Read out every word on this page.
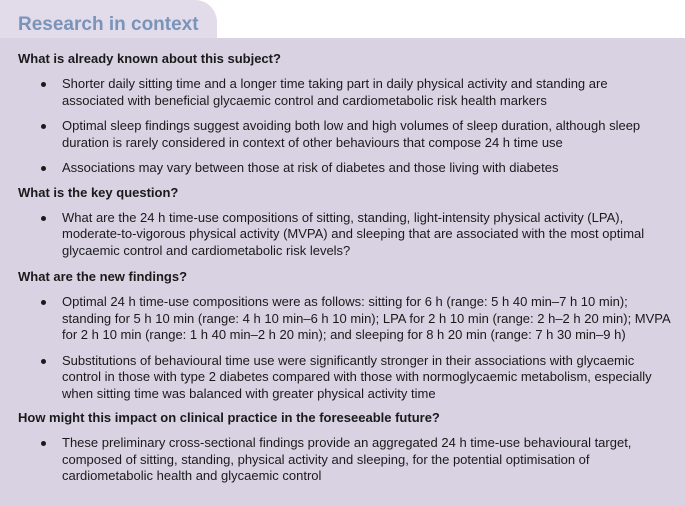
Research in context

What is already known about this subject?

Shorter daily sitting time and a longer time taking part in daily physical activity and standing are associated with beneficial glycaemic control and cardiometabolic risk health markers
Optimal sleep findings suggest avoiding both low and high volumes of sleep duration, although sleep duration is rarely considered in context of other behaviours that compose 24 h time use
Associations may vary between those at risk of diabetes and those living with diabetes

What is the key question?

What are the 24 h time-use compositions of sitting, standing, light-intensity physical activity (LPA), moderate-to-vigorous physical activity (MVPA) and sleeping that are associated with the most optimal glycaemic control and cardiometabolic risk levels?

What are the new findings?

Optimal 24 h time-use compositions were as follows: sitting for 6 h (range: 5 h 40 min–7 h 10 min); standing for 5 h 10 min (range: 4 h 10 min–6 h 10 min); LPA for 2 h 10 min (range: 2 h–2 h 20 min); MVPA for 2 h 10 min (range: 1 h 40 min–2 h 20 min); and sleeping for 8 h 20 min (range: 7 h 30 min–9 h)
Substitutions of behavioural time use were significantly stronger in their associations with glycaemic control in those with type 2 diabetes compared with those with normoglycaemic metabolism, especially when sitting time was balanced with greater physical activity time

How might this impact on clinical practice in the foreseeable future?

These preliminary cross-sectional findings provide an aggregated 24 h time-use behavioural target, composed of sitting, standing, physical activity and sleeping, for the potential optimisation of cardiometabolic health and glycaemic control
